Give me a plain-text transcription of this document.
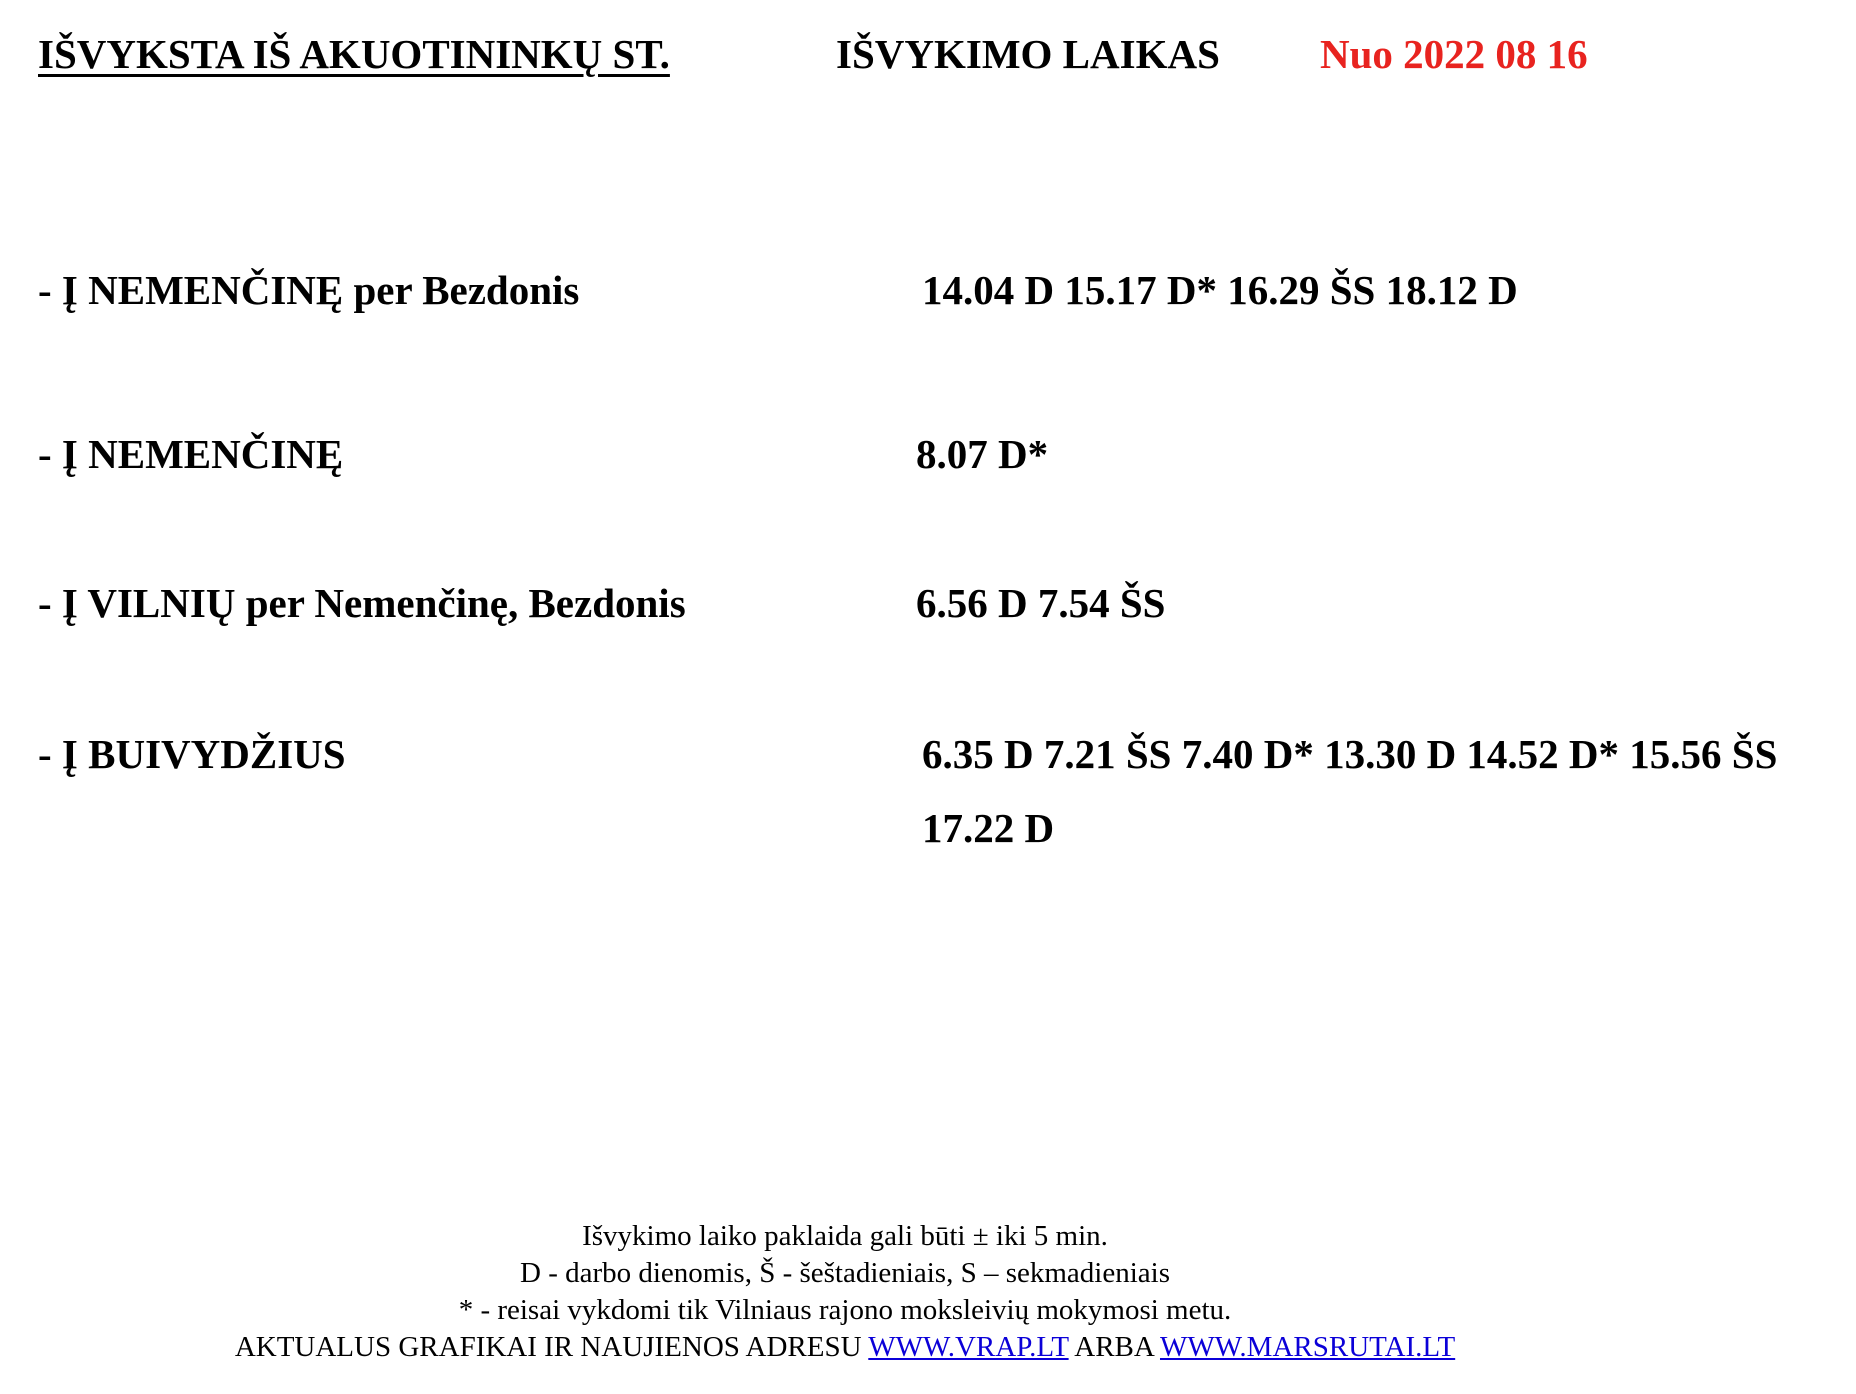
IŠVYKSTA IŠ AKUOTININKŲ ST.	IŠVYKIMO LAIKAS Nuo 2022 08 16
- Į NEMENČINĘ per Bezdonis	14.04 D 15.17 D* 16.29 ŠS 18.12 D
- Į NEMENČINĘ	8.07 D*
- Į VILNIŲ per Nemenčinę, Bezdonis	6.56 D 7.54 ŠS
- Į BUIVYDŽIUS	6.35 D 7.21 ŠS 7.40 D* 13.30 D 14.52 D* 15.56 ŠS
17.22 D
Išvykimo laiko paklaida gali būti ± iki 5 min.
D - darbo dienomis, Š - šeštadieniais, S – sekmadieniais
* - reisai vykdomi tik Vilniaus rajono moksleivių mokymosi metu.
AKTUALUS GRAFIKAI IR NAUJIENOS ADRESU WWW.VRAP.LT ARBA WWW.MARSRUTAI.LT
